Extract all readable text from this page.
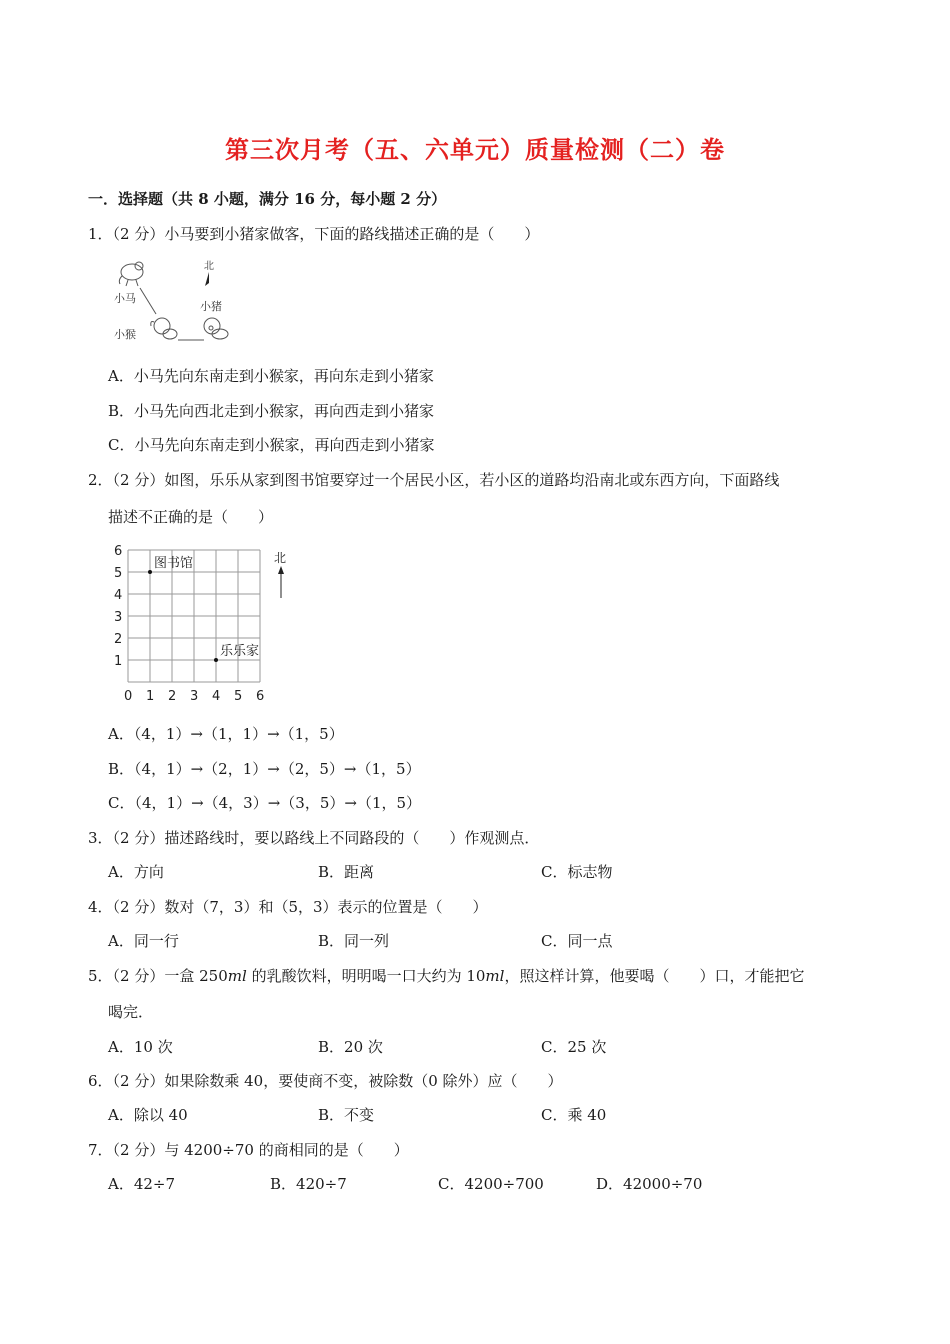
第三次月考（五、六单元）质量检测（二）卷
一．选择题（共 8 小题，满分 16 分，每小题 2 分）
1．（2 分）小马要到小猪家做客，下面的路线描述正确的是（　　）
小马
小猴
北
小猪
A．小马先向东南走到小猴家，再向东走到小猪家
B．小马先向西北走到小猴家，再向西走到小猪家
C．小马先向东南走到小猴家，再向西走到小猪家
2．（2 分）如图，乐乐从家到图书馆要穿过一个居民小区，若小区的道路均沿南北或东西方向，下面路线
描述不正确的是（　　）
6
5
4
3
2
1
0 1 2 3 4 5 6
图书馆
乐乐家
北
A．（4，1）→（1，1）→（1，5）
B．（4，1）→（2，1）→（2，5）→（1，5）
C．（4，1）→（4，3）→（3，5）→（1，5）
3．（2 分）描述路线时，要以路线上不同路段的（　　）作观测点．
A．方向	B．距离	C．标志物
4．（2 分）数对（7，3）和（5，3）表示的位置是（　　）
A．同一行	B．同一列	C．同一点
5．（2 分）一盒 250ml 的乳酸饮料，明明喝一口大约为 10ml，照这样计算，他要喝（　　）口，才能把它
喝完．
A．10 次	B．20 次	C．25 次
6．（2 分）如果除数乘 40，要使商不变，被除数（0 除外）应（　　）
A．除以 40	B．不变	C．乘 40
7．（2 分）与 4200÷70 的商相同的是（　　）
A．42÷7	B．420÷7	C．4200÷700	D．42000÷70
